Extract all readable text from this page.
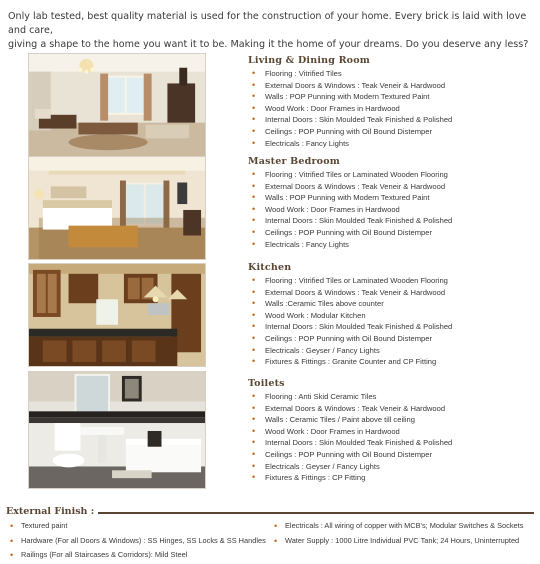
Only lab tested, best quality material is used for the construction of your home. Every brick is laid with love and care,
giving a shape to the home you want it to be. Making it the home of your dreams. Do you deserve any less?
Living & Dining Room
• Flooring : Vitrified Tiles
• External Doors & Windows : Teak Veneir & Hardwood
• Walls : POP Punning with Modern Textured Paint
• Wood Work : Door Frames in Hardwood
• Internal Doors : Skin Moulded Teak Finished & Polished
• Ceilings : POP Punning with Oil Bound Distemper
• Electricals : Fancy Lights
Master Bedroom
• Flooring : Vitrified Tiles or Laminated Wooden Flooring
• External Doors & Windows : Teak Veneir & Hardwood
• Walls : POP Punning with Modern Textured Paint
• Wood Work : Door Frames in Hardwood
• Internal Doors : Skin Moulded Teak Finished & Polished
• Ceilings : POP Punning with Oil Bound Distemper
• Electricals : Fancy Lights
Kitchen
• Flooring : Vitrified Tiles or Laminated Wooden Flooring
• External Doors & Windows : Teak Veneir & Hardwood
• Walls :Ceramic Tiles above counter
• Wood Work : Modular Kitchen
• Internal Doors : Skin Moulded Teak Finished & Polished
• Ceilings : POP Punning with Oil Bound Distemper
• Electricals : Geyser / Fancy Lights
• Fixtures & Fittings : Granite Counter and CP Fitting
Toilets
• Flooring : Anti Skid Ceramic Tiles
• External Doors & Windows : Teak Veneir & Hardwood
• Walls : Ceramic Tiles / Paint above till ceiling
• Wood Work : Door Frames in Hardwood
• Internal Doors : Skin Moulded Teak Finished & Polished
• Ceilings : POP Punning with Oil Bound Distemper
• Electricals : Geyser / Fancy Lights
• Fixtures & Fittings : CP Fitting
External Finish :
• Textured paint
• Hardware (For all Doors & Windows) : SS Hinges, SS Locks & SS Handles
• Railings (For all Staircases & Corridors): Mild Steel
• Electricals : All wiring of copper with MCB's; Modular Switches & Sockets
• Water Supply : 1000 Litre Individual PVC Tank; 24 Hours, Uninterrupted
